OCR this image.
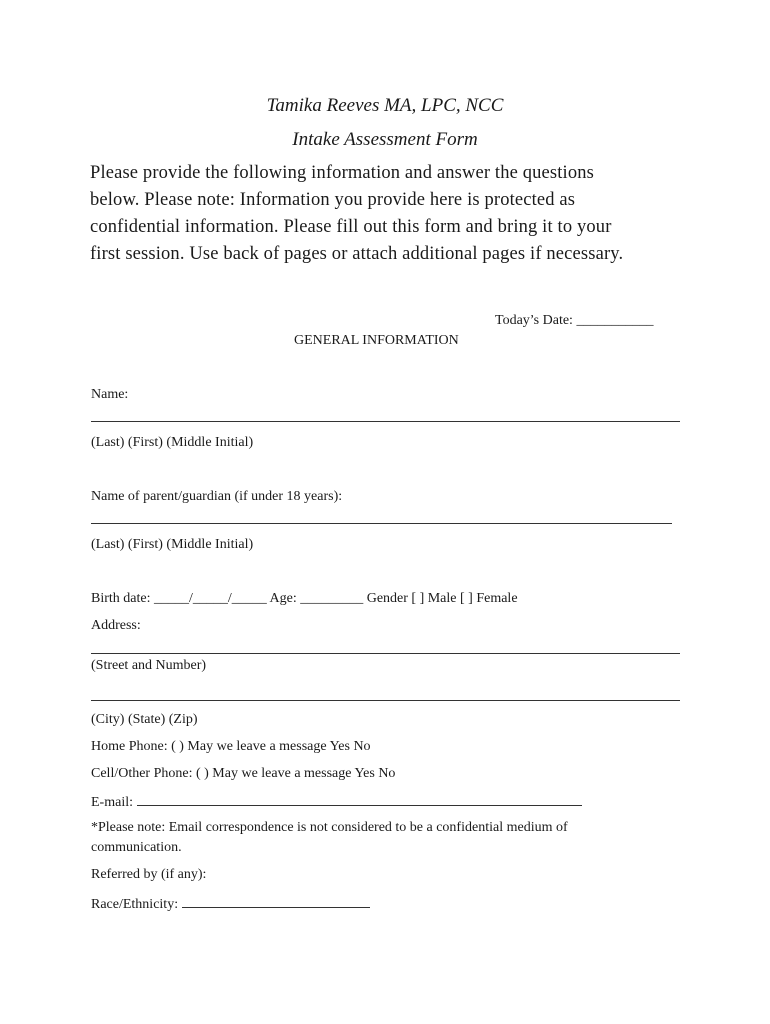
Tamika Reeves MA, LPC, NCC
Intake Assessment Form
Please provide the following information and answer the questions
below. Please note: Information you provide here is protected as
confidential information. Please fill out this form and bring it to your
first session. Use back of pages or attach additional pages if necessary.
Today’s Date: ___________
GENERAL INFORMATION
Name:
(Last) (First) (Middle Initial)
Name of parent/guardian (if under 18 years):
(Last) (First) (Middle Initial)
Birth date: _____/_____/_____ Age: _________ Gender [ ] Male [ ] Female
Address:
(Street and Number)
(City) (State) (Zip)
Home Phone: ( ) May we leave a message Yes No
Cell/Other Phone: ( ) May we leave a message Yes No
E-mail:
*Please note: Email correspondence is not considered to be a confidential medium of
communication.
Referred by (if any):
Race/Ethnicity:
